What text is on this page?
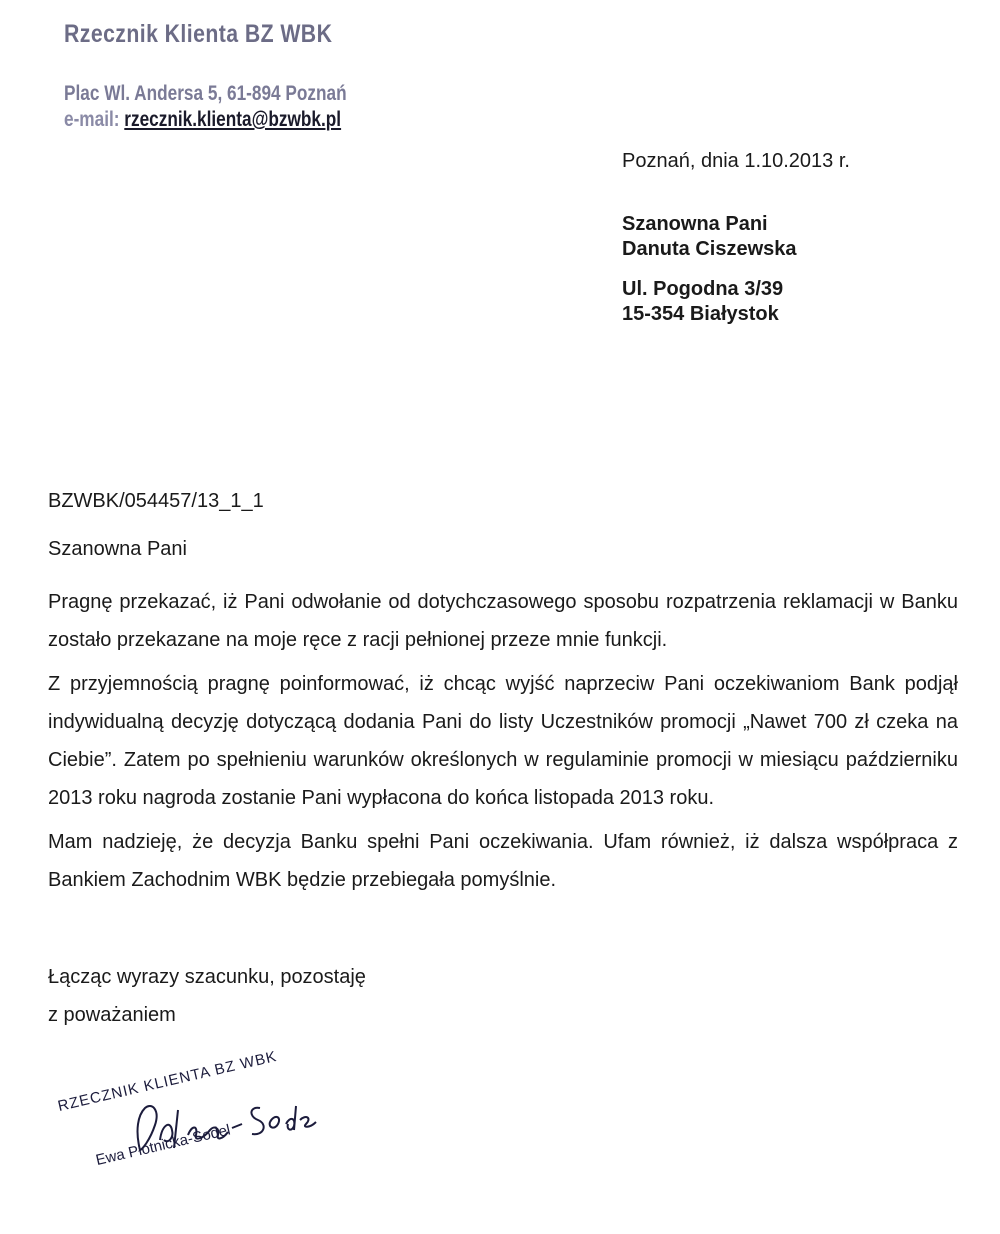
Rzecznik Klienta BZ WBK
Plac Wl. Andersa 5, 61-894 Poznań
e-mail: rzecznik.klienta@bzwbk.pl
Poznań, dnia 1.10.2013 r.
Szanowna Pani
Danuta Ciszewska
Ul. Pogodna 3/39
15-354 Białystok
BZWBK/054457/13_1_1
Szanowna Pani

Pragnę przekazać, iż Pani odwołanie od dotychczasowego sposobu rozpatrzenia reklamacji w Banku zostało przekazane na moje ręce z racji pełnionej przeze mnie funkcji.

Z przyjemnością pragnę poinformować, iż chcąc wyjść naprzeciw Pani oczekiwaniom Bank podjął indywidualną decyzję dotyczącą dodania Pani do listy Uczestników promocji „Nawet 700 zł czeka na Ciebie”. Zatem po spełnieniu warunków określonych w regulaminie promocji w miesiącu październiku 2013 roku nagroda zostanie Pani wypłacona do końca listopada 2013 roku.

Mam nadzieję, że decyzja Banku spełni Pani oczekiwania. Ufam również, iż dalsza współpraca z Bankiem Zachodnim WBK będzie przebiegała pomyślnie.

Łącząc wyrazy szacunku, pozostaję
z poważaniem
RZECZNIK KLIENTA BZ WBK
Ewa Płotnicka-Sodel
